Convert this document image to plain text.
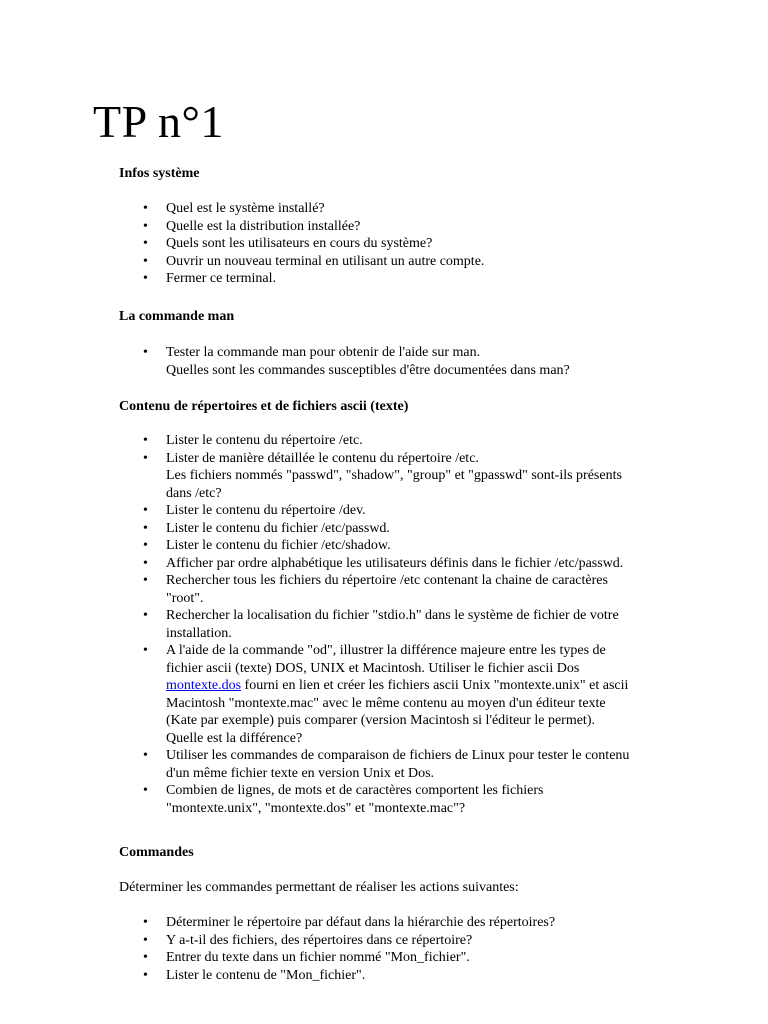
TP n°1

Infos système

• Quel est le système installé?
• Quelle est la distribution installée?
• Quels sont les utilisateurs en cours du système?
• Ouvrir un nouveau terminal en utilisant un autre compte.
• Fermer ce terminal.

La commande man

• Tester la commande man pour obtenir de l'aide sur man.
Quelles sont les commandes susceptibles d'être documentées dans man?

Contenu de répertoires et de fichiers ascii (texte)

• Lister le contenu du répertoire /etc.
• Lister de manière détaillée le contenu du répertoire /etc.
Les fichiers nommés "passwd", "shadow", "group" et "gpasswd" sont-ils présents
dans /etc?
• Lister le contenu du répertoire /dev.
• Lister le contenu du fichier /etc/passwd.
• Lister le contenu du fichier /etc/shadow.
• Afficher par ordre alphabétique les utilisateurs définis dans le fichier /etc/passwd.
• Rechercher tous les fichiers du répertoire /etc contenant la chaine de caractères
"root".
• Rechercher la localisation du fichier "stdio.h" dans le système de fichier de votre
installation.
• A l'aide de la commande "od", illustrer la différence majeure entre les types de
fichier ascii (texte) DOS, UNIX et Macintosh. Utiliser le fichier ascii Dos
montexte.dos fourni en lien et créer les fichiers ascii Unix "montexte.unix" et ascii
Macintosh "montexte.mac" avec le même contenu au moyen d'un éditeur texte
(Kate par exemple) puis comparer (version Macintosh si l'éditeur le permet).
Quelle est la différence?
• Utiliser les commandes de comparaison de fichiers de Linux pour tester le contenu
d'un même fichier texte en version Unix et Dos.
• Combien de lignes, de mots et de caractères comportent les fichiers
"montexte.unix", "montexte.dos" et "montexte.mac"?

Commandes

Déterminer les commandes permettant de réaliser les actions suivantes:

• Déterminer le répertoire par défaut dans la hiérarchie des répertoires?
• Y a-t-il des fichiers, des répertoires dans ce répertoire?
• Entrer du texte dans un fichier nommé "Mon_fichier".
• Lister le contenu de "Mon_fichier".
